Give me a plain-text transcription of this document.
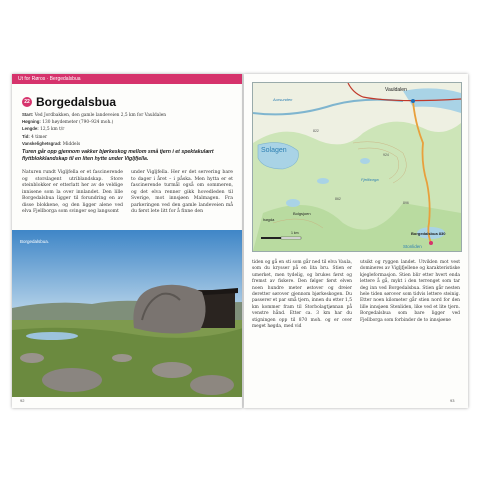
Ut for Røros · Bergedalsbua
22 Borgedalsbua
Start: Ved Jordbakken, den gamle landeveien 2,5 km for Vauldalen
Høgning: 130 høydemeter (790–924 moh.)
Lengde: 12,5 km t/r
Tid: 4 timer
Vanskelighetsgrad: Middels
Turen går opp gjennom vakker bjørkeskog mellom små tjern i et spektakulært flyttblokklandskap til en liten hytte under Vigljfjella.
Naturen rundt Vigljfella er et fascinerende og storslagent utriblandskap. Store steinblokker er etterlatt her av de veldige innisene som la over innlandet. Den lille Borgedalsbua ligger til forundring en av disse blokkene, og den ligger alene ved elva Fjellborga som svinger seg langsomt
under Vigljfella. Her er det servering bare to dager i året – i påska. Men hytta er et fascinerende turmål også om sommeren, og det elva renner gikk hovedleden til Sverige, mot innsjøen Malmagen. Fra parkeringen ved den gamle landeveien må du først lete litt for å finne den
Borgedalsbua.
92
Vauldalen
Solagen
Borgedalsbua 830
Stonliden
Bolgsjoen
høgda
Fjellborga
822
924
862
896
Aursunden
1 km
tiden og gå en sti som går ned til elva Vaula, som du krysser på en lita bru. Stien er umerket, men tydelig, og brukes først og fremst av fiskere. Den følger først elven noen hundre meter østover og dreier deretter sørover gjennom bjørkeskogen. Du passerer et par små tjern, innen du etter 1,5 km kommer fram til Storbolagtjønnan på venstre hånd. Etter ca. 3 km har du stigningen opp til 870 moh. og er over meget høgda, med vid
utsikt og ryggen landet. Utviklen mot vest domineres av Vigljfjellene og karakteristiske kjegleformasjon. Stien blir etter hvert enda lettere å gå, mykt i den terrenget som tar deg inn ved Borgedalsbua. Stien går nesten hele tiden sørover som tidvis lettere steinig. Etter noen kilometer går stien nord for den lille innsjøen Stenliden, like ved et lite tjern. Borgedalsbua som bare ligger ved Fjellborga som forbinder de to innsjøene
93
